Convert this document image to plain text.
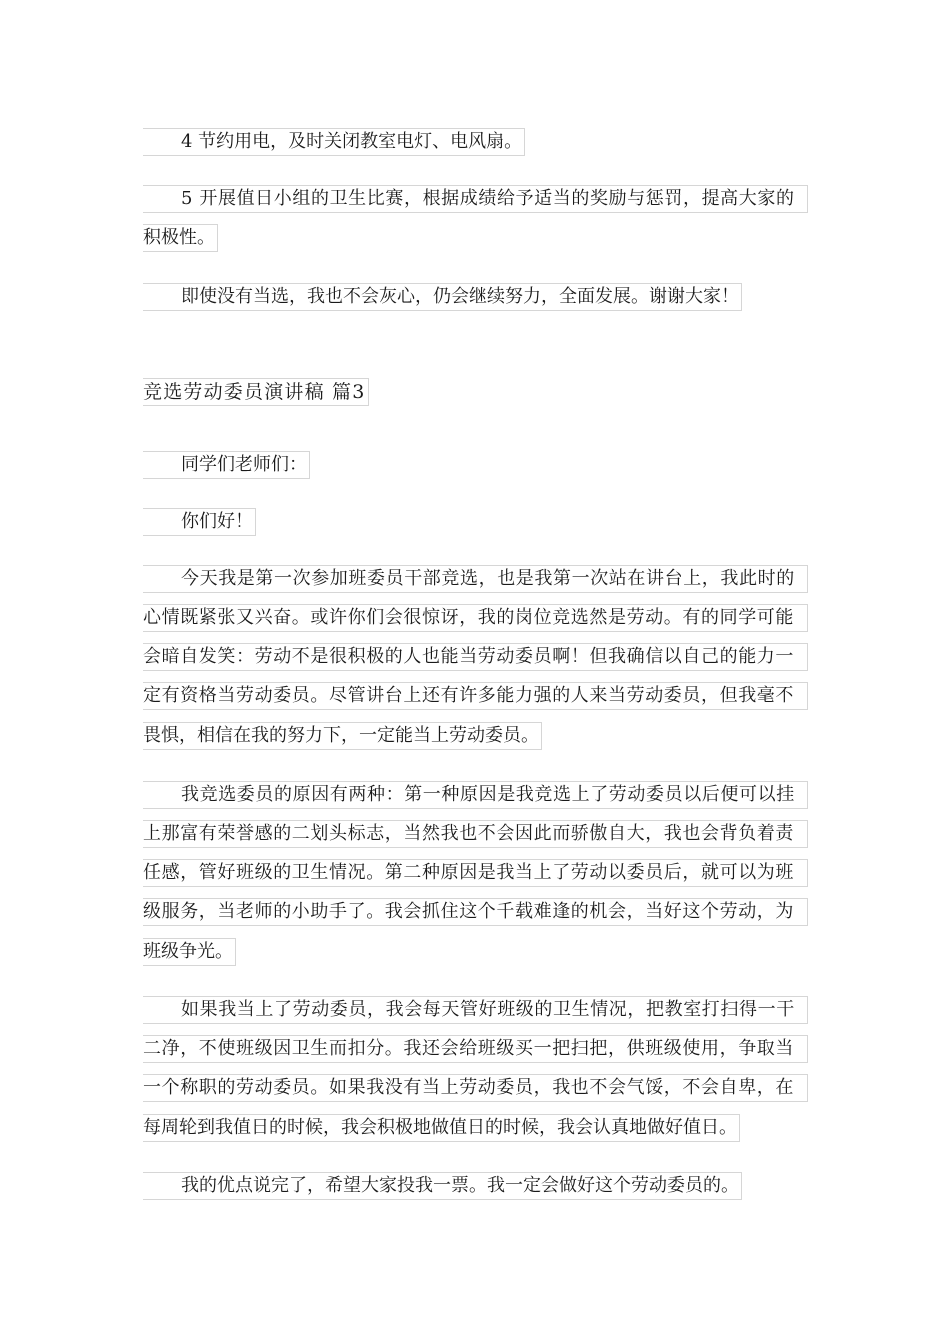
4 节约用电，及时关闭教室电灯、电风扇。
5 开展值日小组的卫生比赛，根据成绩给予适当的奖励与惩罚，提高大家的
积极性。
即使没有当选，我也不会灰心，仍会继续努力，全面发展。谢谢大家！
竞选劳动委员演讲稿 篇3
同学们老师们：
你们好！
今天我是第一次参加班委员干部竞选，也是我第一次站在讲台上，我此时的
心情既紧张又兴奋。或许你们会很惊讶，我的岗位竞选然是劳动。有的同学可能
会暗自发笑：劳动不是很积极的人也能当劳动委员啊！但我确信以自己的能力一
定有资格当劳动委员。尽管讲台上还有许多能力强的人来当劳动委员，但我毫不
畏惧，相信在我的努力下，一定能当上劳动委员。
我竞选委员的原因有两种：第一种原因是我竞选上了劳动委员以后便可以挂
上那富有荣誉感的二划头标志，当然我也不会因此而骄傲自大，我也会背负着责
任感，管好班级的卫生情况。第二种原因是我当上了劳动以委员后，就可以为班
级服务，当老师的小助手了。我会抓住这个千载难逢的机会，当好这个劳动，为
班级争光。
如果我当上了劳动委员，我会每天管好班级的卫生情况，把教室打扫得一干
二净，不使班级因卫生而扣分。我还会给班级买一把扫把，供班级使用，争取当
一个称职的劳动委员。如果我没有当上劳动委员，我也不会气馁，不会自卑，在
每周轮到我值日的时候，我会积极地做值日的时候，我会认真地做好值日。
我的优点说完了，希望大家投我一票。我一定会做好这个劳动委员的。
